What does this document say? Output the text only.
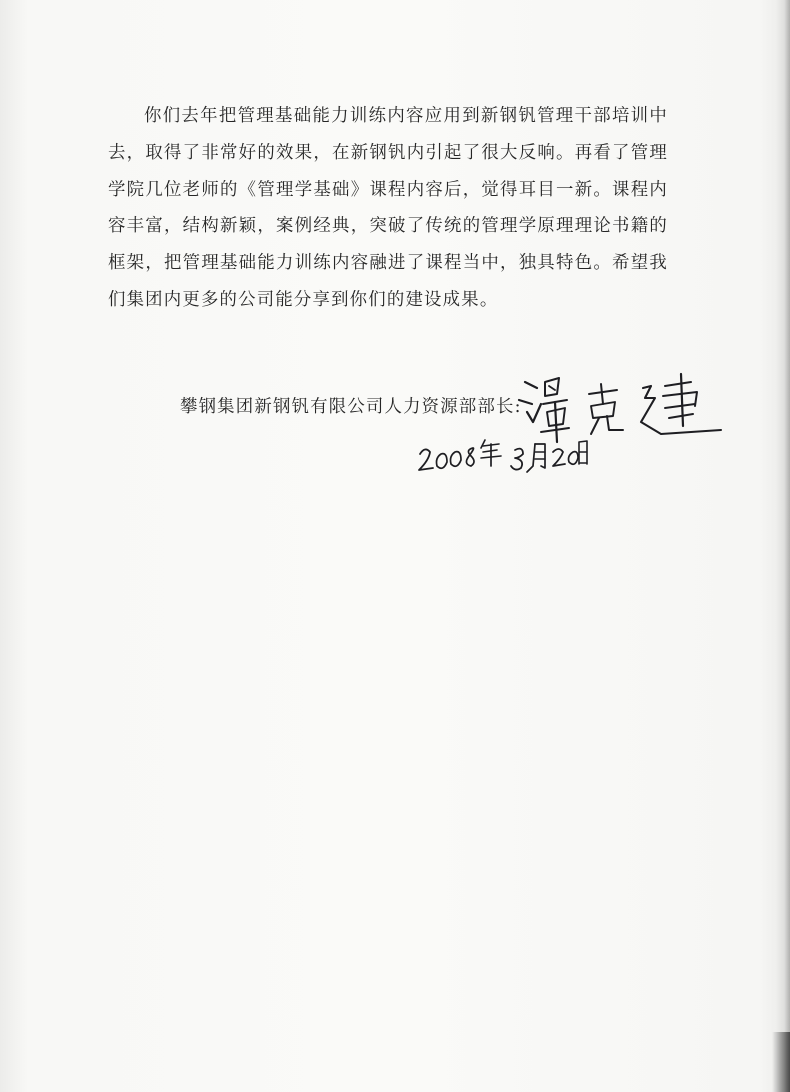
你们去年把管理基础能力训练内容应用到新钢钒管理干部培训中去，取得了非常好的效果，在新钢钒内引起了很大反响。再看了管理学院几位老师的《管理学基础》课程内容后，觉得耳目一新。课程内容丰富，结构新颖，案例经典，突破了传统的管理学原理理论书籍的框架，把管理基础能力训练内容融进了课程当中，独具特色。希望我们集团内更多的公司能分享到你们的建设成果。

攀钢集团新钢钒有限公司人力资源部部长:
